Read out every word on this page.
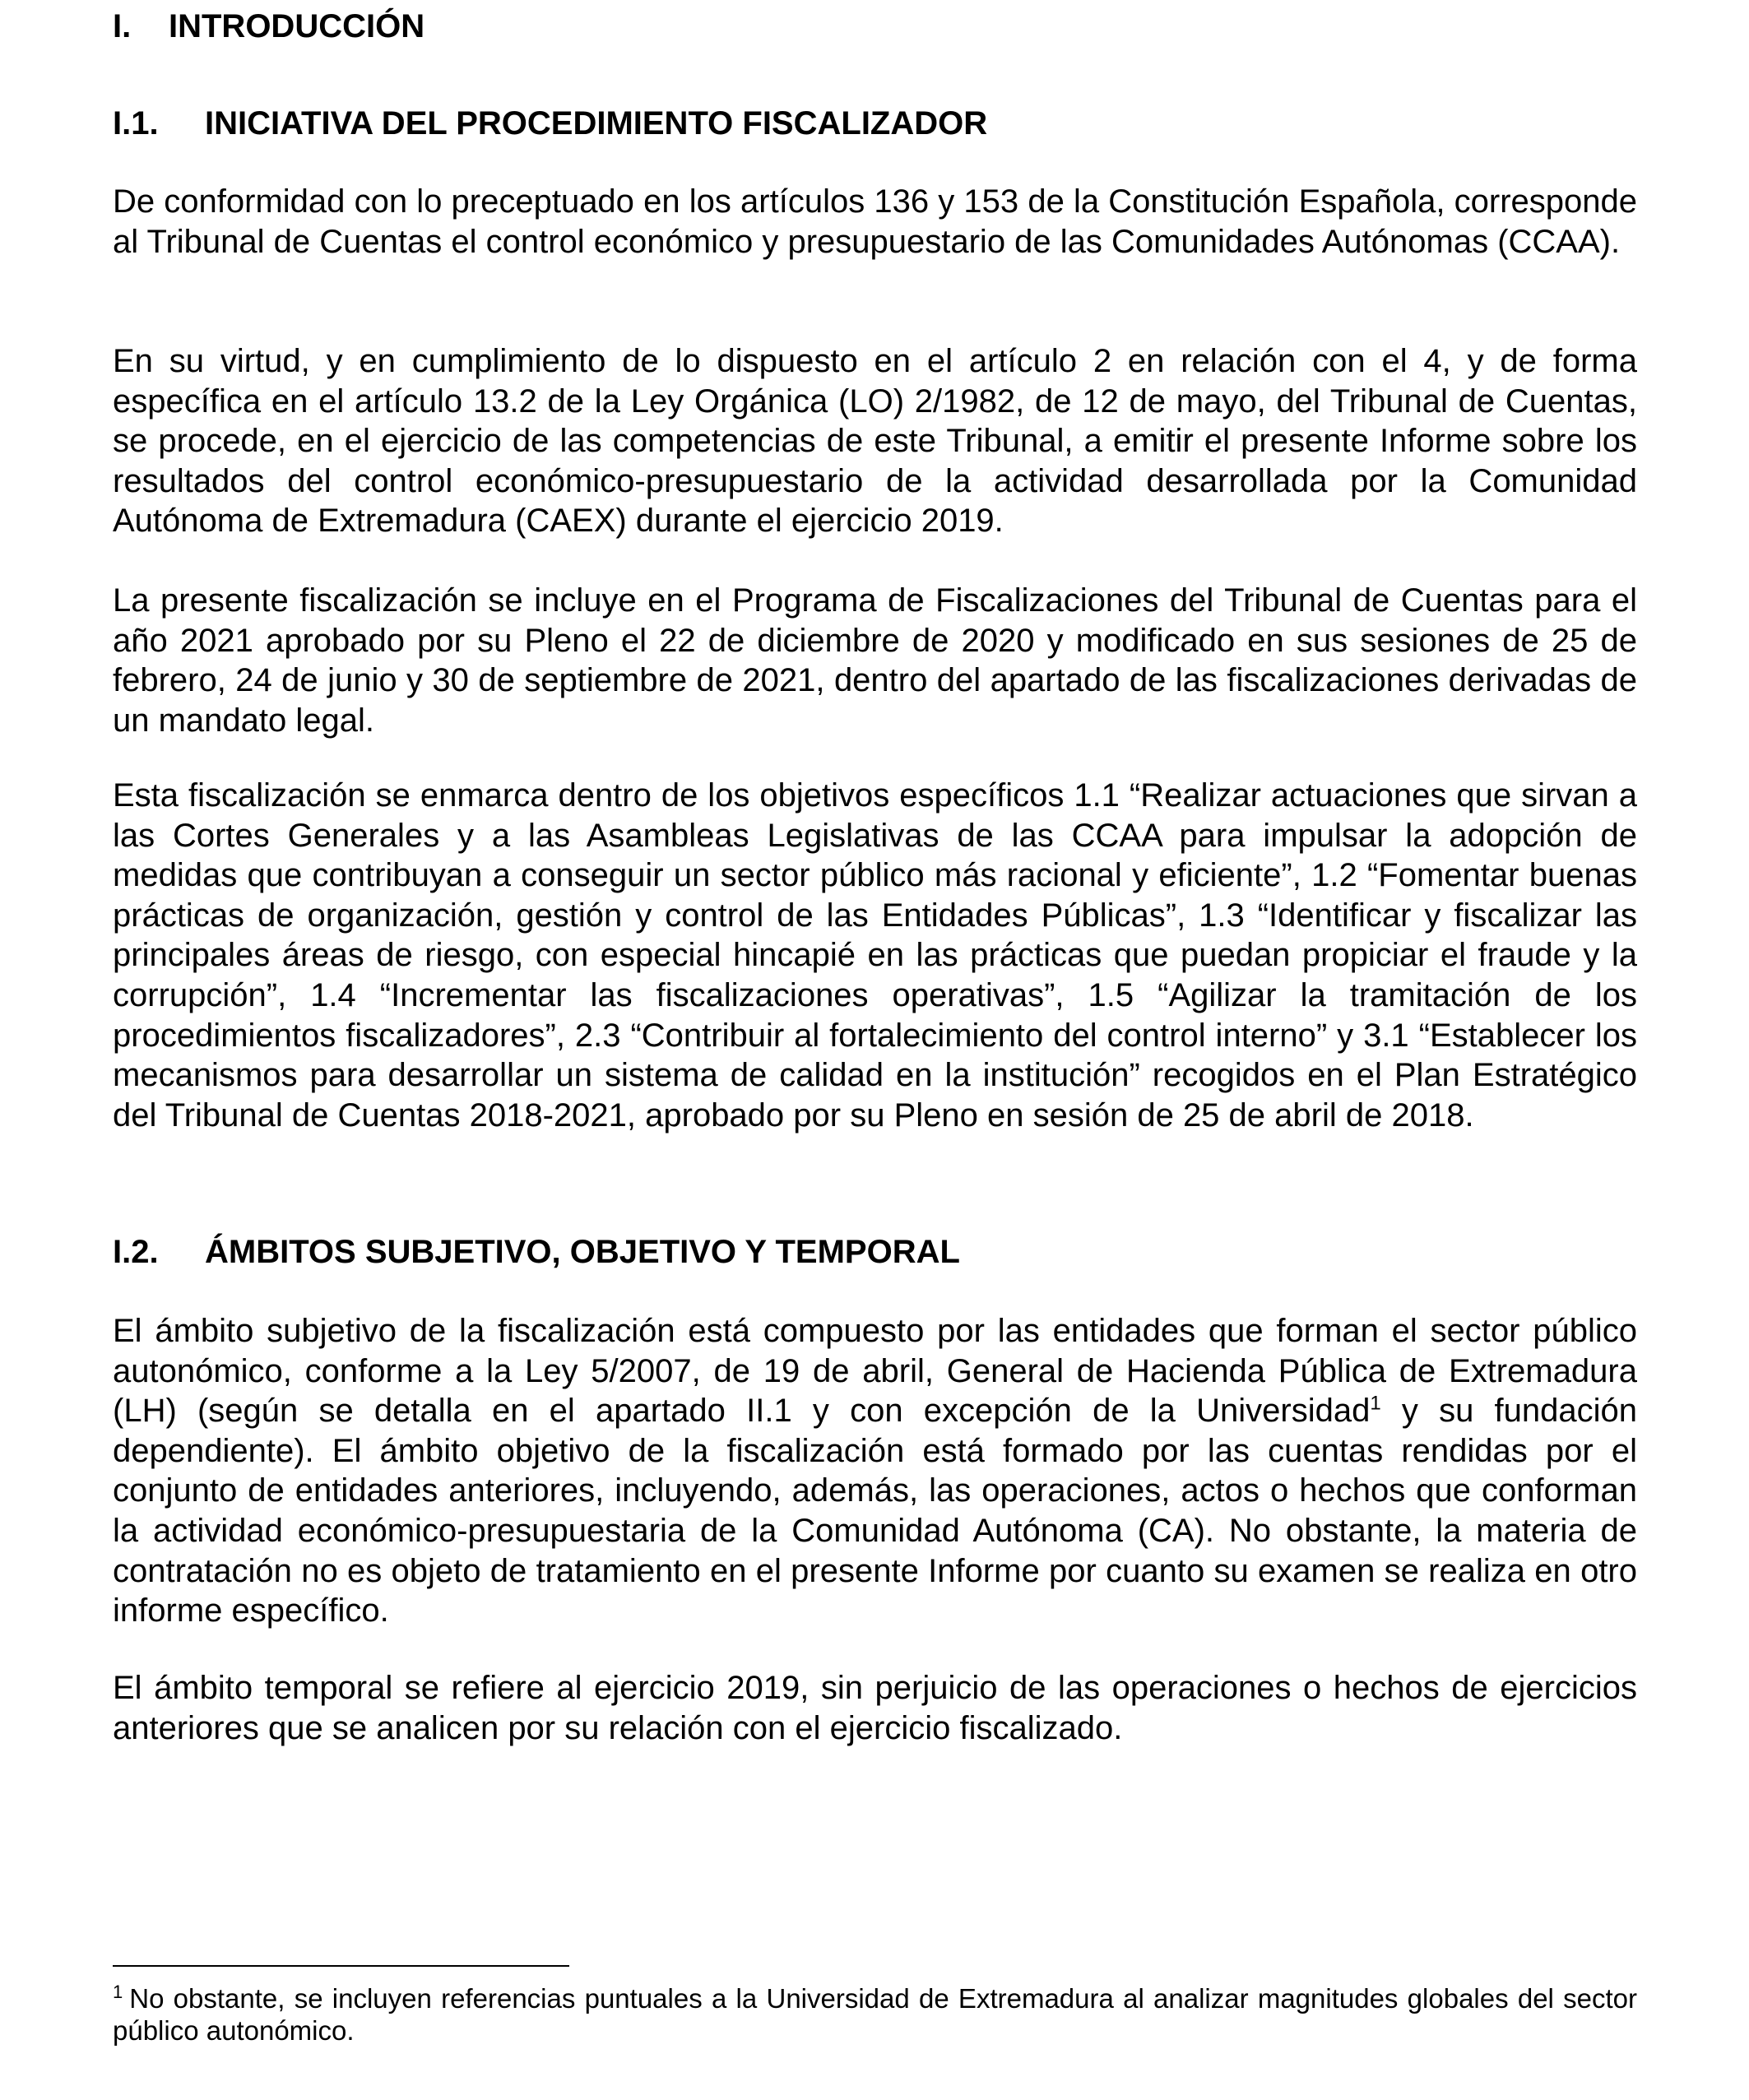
I.	INTRODUCCIÓN
I.1.	INICIATIVA DEL PROCEDIMIENTO FISCALIZADOR

De conformidad con lo preceptuado en los artículos 136 y 153 de la Constitución Española, corresponde al Tribunal de Cuentas el control económico y presupuestario de las Comunidades Autónomas (CCAA).

En su virtud, y en cumplimiento de lo dispuesto en el artículo 2 en relación con el 4, y de forma específica en el artículo 13.2 de la Ley Orgánica (LO) 2/1982, de 12 de mayo, del Tribunal de Cuentas, se procede, en el ejercicio de las competencias de este Tribunal, a emitir el presente Informe sobre los resultados del control económico-presupuestario de la actividad desarrollada por la Comunidad Autónoma de Extremadura (CAEX) durante el ejercicio 2019.

La presente fiscalización se incluye en el Programa de Fiscalizaciones del Tribunal de Cuentas para el año 2021 aprobado por su Pleno el 22 de diciembre de 2020 y modificado en sus sesiones de 25 de febrero, 24 de junio y 30 de septiembre de 2021, dentro del apartado de las fiscalizaciones derivadas de un mandato legal.

Esta fiscalización se enmarca dentro de los objetivos específicos 1.1 “Realizar actuaciones que sirvan a las Cortes Generales y a las Asambleas Legislativas de las CCAA para impulsar la adopción de medidas que contribuyan a conseguir un sector público más racional y eficiente”, 1.2 “Fomentar buenas prácticas de organización, gestión y control de las Entidades Públicas”, 1.3 “Identificar y fiscalizar las principales áreas de riesgo, con especial hincapié en las prácticas que puedan propiciar el fraude y la corrupción”, 1.4 “Incrementar las fiscalizaciones operativas”, 1.5 “Agilizar la tramitación de los procedimientos fiscalizadores”, 2.3 “Contribuir al fortalecimiento del control interno” y 3.1 “Establecer los mecanismos para desarrollar un sistema de calidad en la institución” recogidos en el Plan Estratégico del Tribunal de Cuentas 2018-2021, aprobado por su Pleno en sesión de 25 de abril de 2018.

I.2.	ÁMBITOS SUBJETIVO, OBJETIVO Y TEMPORAL

El ámbito subjetivo de la fiscalización está compuesto por las entidades que forman el sector público autonómico, conforme a la Ley 5/2007, de 19 de abril, General de Hacienda Pública de Extremadura (LH) (según se detalla en el apartado II.1 y con excepción de la Universidad$^1$ y su fundación dependiente). El ámbito objetivo de la fiscalización está formado por las cuentas rendidas por el conjunto de entidades anteriores, incluyendo, además, las operaciones, actos o hechos que conforman la actividad económico-presupuestaria de la Comunidad Autónoma (CA). No obstante, la materia de contratación no es objeto de tratamiento en el presente Informe por cuanto su examen se realiza en otro informe específico.

El ámbito temporal se refiere al ejercicio 2019, sin perjuicio de las operaciones o hechos de ejercicios anteriores que se analicen por su relación con el ejercicio fiscalizado.

$^1$ No obstante, se incluyen referencias puntuales a la Universidad de Extremadura al analizar magnitudes globales del sector público autonómico.
